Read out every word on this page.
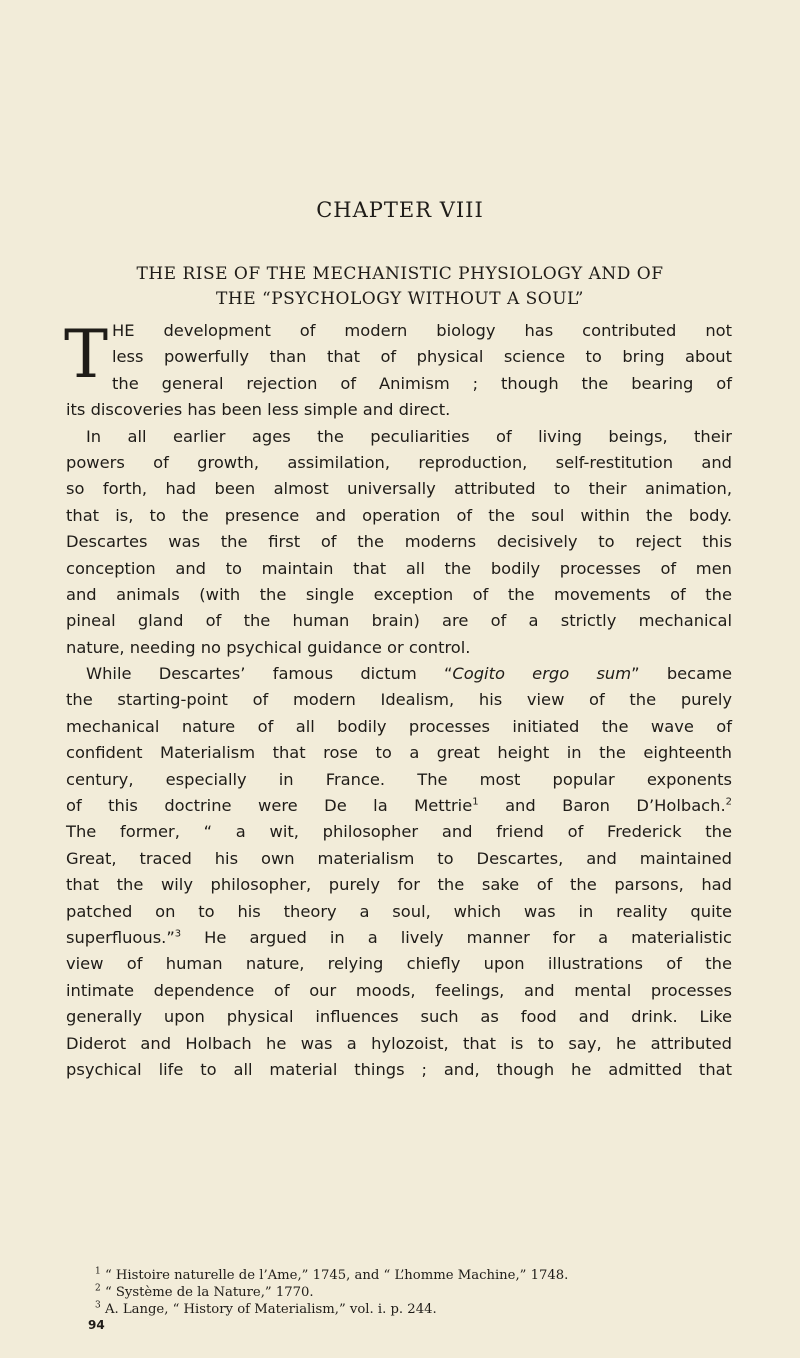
CHAPTER VIII
THE RISE OF THE MECHANISTIC PHYSIOLOGY AND OF
THE “PSYCHOLOGY WITHOUT A SOUL”
T HE development of modern biology has contributed not
less powerfully than that of physical science to bring about
the general rejection of Animism ; though the bearing of
its discoveries has been less simple and direct.
In all earlier ages the peculiarities of living beings, their
powers of growth, assimilation, reproduction, self-restitution and
so forth, had been almost universally attributed to their animation,
that is, to the presence and operation of the soul within the body.
Descartes was the first of the moderns decisively to reject this
conception and to maintain that all the bodily processes of men
and animals (with the single exception of the movements of the
pineal gland of the human brain) are of a strictly mechanical
nature, needing no psychical guidance or control.
While Descartes’ famous dictum “Cogito ergo sum” became
the starting-point of modern Idealism, his view of the purely
mechanical nature of all bodily processes initiated the wave of
confident Materialism that rose to a great height in the eighteenth
century, especially in France. The most popular exponents
of this doctrine were De la Mettrie$^1$ and Baron D’Holbach.$^2$
The former, “ a wit, philosopher and friend of Frederick the
Great, traced his own materialism to Descartes, and maintained
that the wily philosopher, purely for the sake of the parsons, had
patched on to his theory a soul, which was in reality quite
superfluous.”$^3$ He argued in a lively manner for a materialistic
view of human nature, relying chiefly upon illustrations of the
intimate dependence of our moods, feelings, and mental processes
generally upon physical influences such as food and drink. Like
Diderot and Holbach he was a hylozoist, that is to say, he attributed
psychical life to all material things ; and, though he admitted that
$^1$ “ Histoire naturelle de l’Ame,” 1745, and “ L’homme Machine,” 1748.
$^2$ “ Système de la Nature,” 1770.
$^3$ A. Lange, “ History of Materialism,” vol. i. p. 244.
94
